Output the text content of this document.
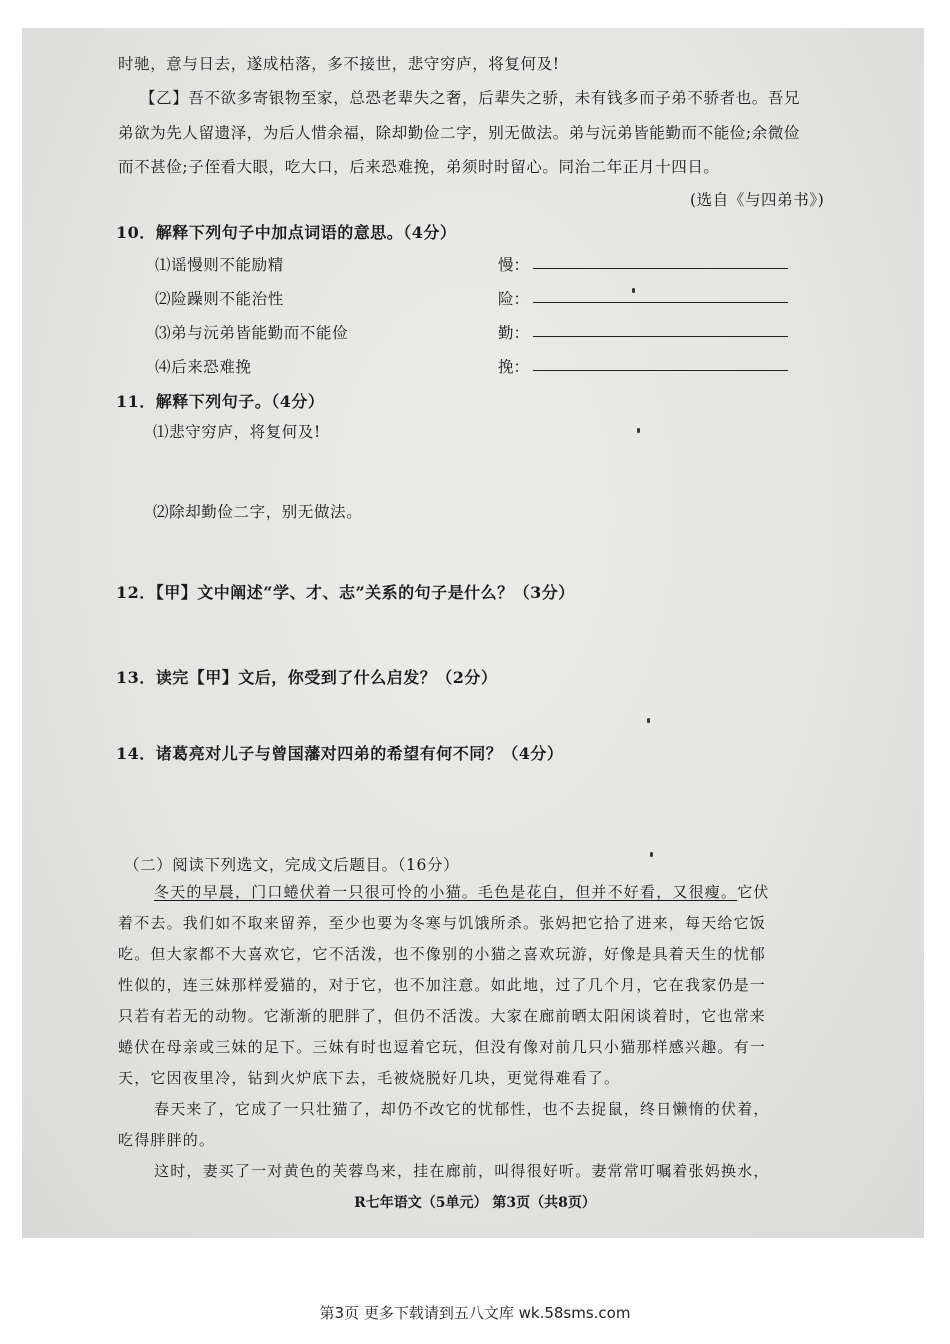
时驰，意与日去，遂成枯落，多不接世，悲守穷庐，将复何及!
【乙】吾不欲多寄银物至家，总恐老辈失之奢，后辈失之骄，未有钱多而子弟不骄者也。吾兄
弟欲为先人留遗泽，为后人惜余福，除却勤俭二字，别无做法。弟与沅弟皆能勤而不能俭;余微俭
而不甚俭;子侄看大眼，吃大口，后来恐难挽，弟须时时留心。同治二年正月十四日。
(选自《与四弟书》)
10．解释下列句子中加点词语的意思。（4分）
⑴谣慢则不能励精	慢：
⑵险躁则不能治性	险：
⑶弟与沅弟皆能勤而不能俭	勤：
⑷后来恐难挽	挽：
11．解释下列句子。（4分）
⑴悲守穷庐，将复何及!
⑵除却勤俭二字，别无做法。
12．【甲】文中阐述“学、才、志”关系的句子是什么？（3分）
13．读完【甲】文后，你受到了什么启发？（2分）
14．诸葛亮对儿子与曾国藩对四弟的希望有何不同？（4分）
（二）阅读下列选文，完成文后题目。（16分）
冬天的早晨，门口蜷伏着一只很可怜的小猫。毛色是花白，但并不好看，又很瘦。它伏
着不去。我们如不取来留养，至少也要为冬寒与饥饿所杀。张妈把它拾了进来，每天给它饭
吃。但大家都不大喜欢它，它不活泼，也不像别的小猫之喜欢玩游，好像是具着天生的忧郁
性似的，连三妹那样爱猫的，对于它，也不加注意。如此地，过了几个月，它在我家仍是一
只若有若无的动物。它渐渐的肥胖了，但仍不活泼。大家在廊前晒太阳闲谈着时，它也常来
蜷伏在母亲或三妹的足下。三妹有时也逗着它玩，但没有像对前几只小猫那样感兴趣。有一
天，它因夜里冷，钻到火炉底下去，毛被烧脱好几块，更觉得难看了。
春天来了，它成了一只壮猫了，却仍不改它的忧郁性，也不去捉鼠，终日懒惰的伏着，
吃得胖胖的。
这时，妻买了一对黄色的芙蓉鸟来，挂在廊前，叫得很好听。妻常常叮嘱着张妈换水，
R七年语文（5单元） 第3页（共8页）
第3页 更多下载请到五八文库 wk.58sms.com
